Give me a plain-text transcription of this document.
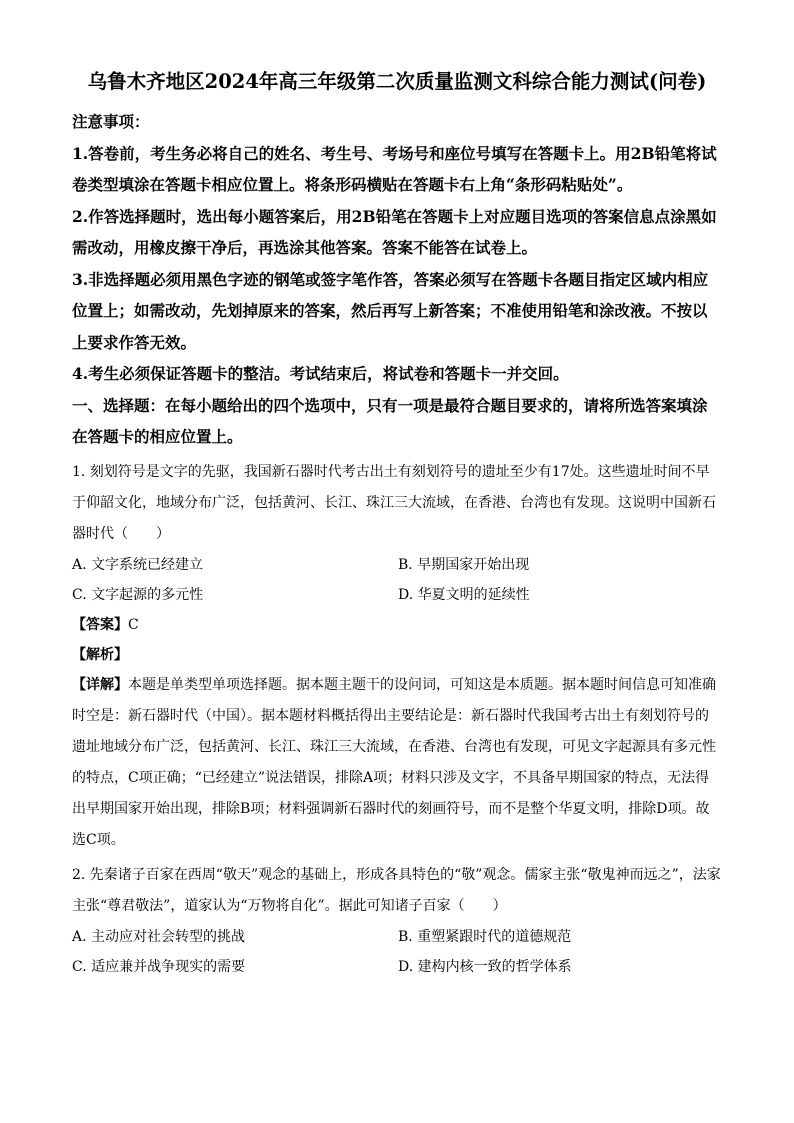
乌鲁木齐地区2024年高三年级第二次质量监测文科综合能力测试(问卷)

注意事项：

1.答卷前，考生务必将自己的姓名、考生号、考场号和座位号填写在答题卡上。用2B铅笔将试卷类型填涂在答题卡相应位置上。将条形码横贴在答题卡右上角“条形码粘贴处”。

2.作答选择题时，选出每小题答案后，用2B铅笔在答题卡上对应题目选项的答案信息点涂黑如需改动，用橡皮擦干净后，再选涂其他答案。答案不能答在试卷上。

3.非选择题必须用黑色字迹的钢笔或签字笔作答，答案必须写在答题卡各题目指定区域内相应位置上；如需改动，先划掉原来的答案，然后再写上新答案；不准使用铅笔和涂改液。不按以上要求作答无效。

4.考生必须保证答题卡的整洁。考试结束后，将试卷和答题卡一并交回。

一、选择题：在每小题给出的四个选项中，只有一项是最符合题目要求的，请将所选答案填涂在答题卡的相应位置上。

1. 刻划符号是文字的先驱，我国新石器时代考古出土有刻划符号的遗址至少有17处。这些遗址时间不早于仰韶文化，地域分布广泛，包括黄河、长江、珠江三大流域，在香港、台湾也有发现。这说明中国新石器时代（　　）

A. 文字系统已经建立	B. 早期国家开始出现
C. 文字起源的多元性	D. 华夏文明的延续性

【答案】C

【解析】

【详解】本题是单类型单项选择题。据本题主题干的设问词，可知这是本质题。据本题时间信息可知准确时空是：新石器时代（中国）。据本题材料概括得出主要结论是：新石器时代我国考古出土有刻划符号的遗址地域分布广泛，包括黄河、长江、珠江三大流域，在香港、台湾也有发现，可见文字起源具有多元性的特点，C项正确；“已经建立”说法错误，排除A项；材料只涉及文字，不具备早期国家的特点，无法得出早期国家开始出现，排除B项；材料强调新石器时代的刻画符号，而不是整个华夏文明，排除D项。故选C项。

2. 先秦诸子百家在西周“敬天”观念的基础上，形成各具特色的“敬”观念。儒家主张“敬鬼神而远之”，法家主张“尊君敬法”，道家认为“万物将自化”。据此可知诸子百家（　　）

A. 主动应对社会转型的挑战	B. 重塑紧跟时代的道德规范
C. 适应兼并战争现实的需要	D. 建构内核一致的哲学体系
